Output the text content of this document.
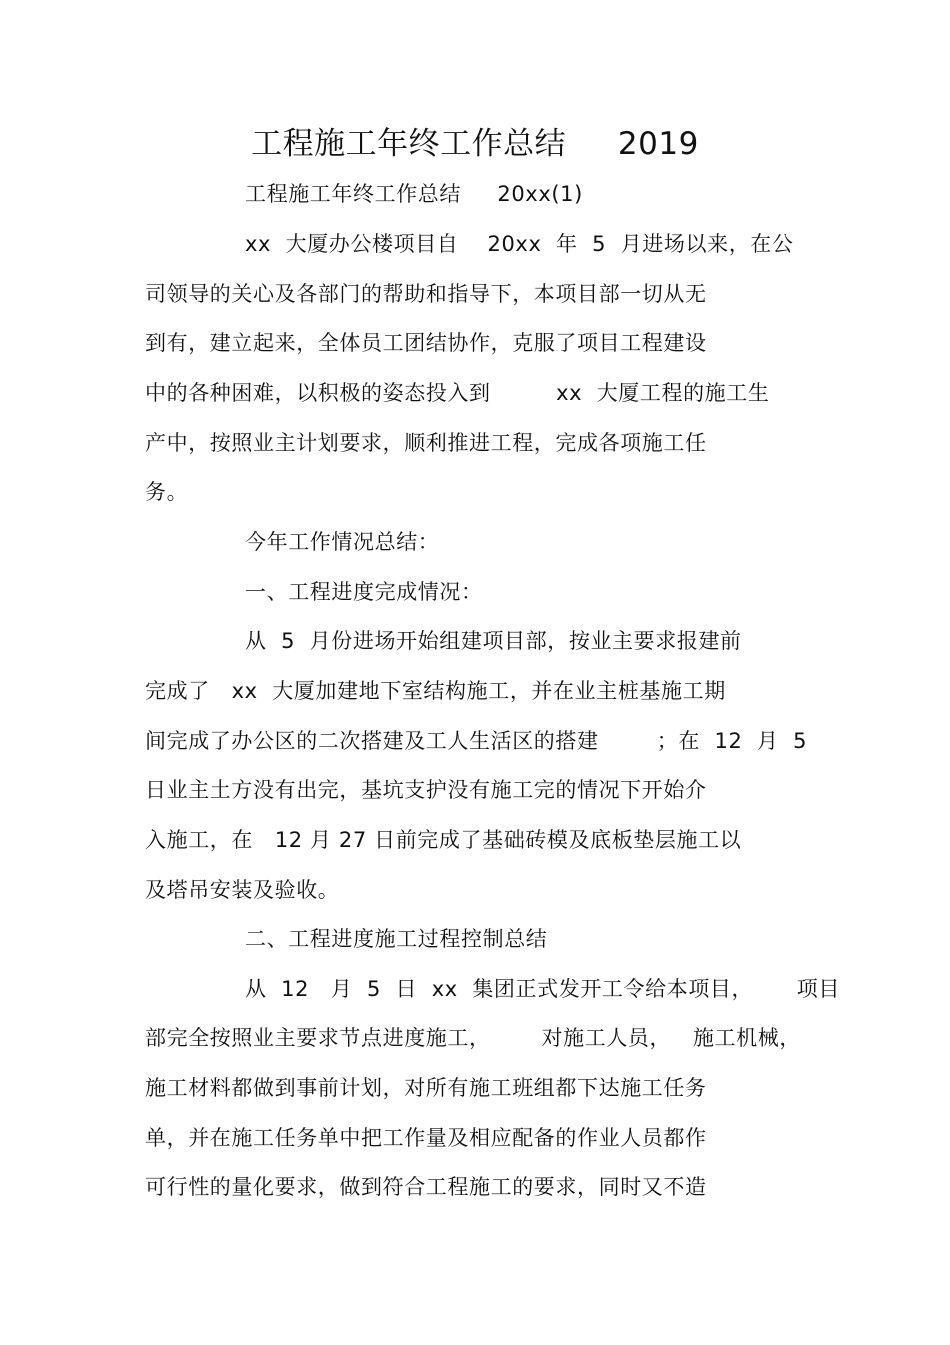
工程施工年终工作总结     2019
工程施工年终工作总结     20xx(1)
xx  大厦办公楼项目自    20xx  年  5  月进场以来，在公
司领导的关心及各部门的帮助和指导下，本项目部一切从无
到有，建立起来，全体员工团结协作，克服了项目工程建设
中的各种困难，以积极的姿态投入到         xx  大厦工程的施工生
产中，按照业主计划要求，顺利推进工程，完成各项施工任
务。
今年工作情况总结：
一、工程进度完成情况：
从  5  月份进场开始组建项目部，按业主要求报建前
完成了   xx  大厦加建地下室结构施工，并在业主桩基施工期
间完成了办公区的二次搭建及工人生活区的搭建        ；在  12  月  5
日业主土方没有出完，基坑支护没有施工完的情况下开始介
入施工，在   12 月 27 日前完成了基础砖模及底板垫层施工以
及塔吊安装及验收。
二、工程进度施工过程控制总结
从  12   月  5  日  xx  集团正式发开工令给本项目，      项目
部完全按照业主要求节点进度施工，       对施工人员，   施工机械，
施工材料都做到事前计划，对所有施工班组都下达施工任务
单，并在施工任务单中把工作量及相应配备的作业人员都作
可行性的量化要求，做到符合工程施工的要求，同时又不造
